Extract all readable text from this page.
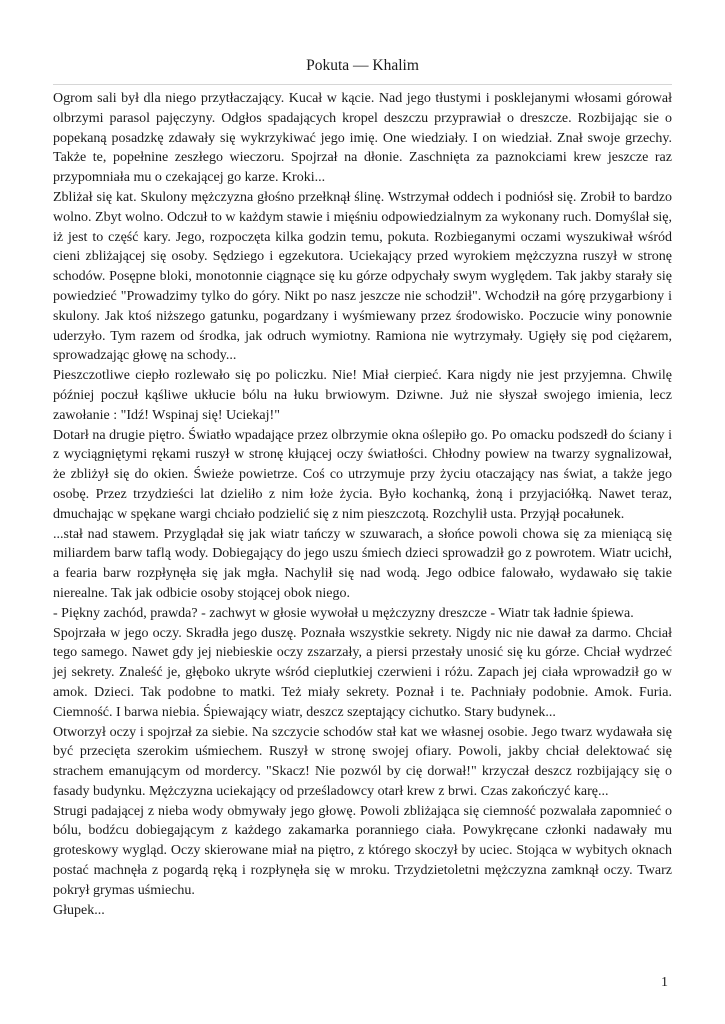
Pokuta — Khalim

Ogrom sali był dla niego przytłaczający. Kucał w kącie. Nad jego tłustymi i posklejanymi włosami górował olbrzymi parasol pajęczyny. Odgłos spadających kropel deszczu przyprawiał o dreszcze. Rozbijając sie o popekaną posadzkę zdawały się wykrzykiwać jego imię. One wiedziały. I on wiedział. Znał swoje grzechy. Także te, popełnine zeszłego wieczoru. Spojrzał na dłonie. Zaschnięta za paznokciami krew jeszcze raz przypomniała mu o czekającej go karze. Kroki...

Zbliżał się kat. Skulony mężczyzna głośno przełknął ślinę. Wstrzymał oddech i podniósł się. Zrobił to bardzo wolno. Zbyt wolno. Odczuł to w każdym stawie i mięśniu odpowiedzialnym za wykonany ruch. Domyślał się, iż jest to część kary. Jego, rozpoczęta kilka godzin temu, pokuta. Rozbieganymi oczami wyszukiwał wśród cieni zbliżającej się osoby. Sędziego i egzekutora. Uciekający przed wyrokiem mężczyzna ruszył w stronę schodów. Posępne bloki, monotonnie ciągnące się ku górze odpychały swym wyględem. Tak jakby starały się powiedzieć "Prowadzimy tylko do góry. Nikt po nasz jeszcze nie schodził". Wchodził na górę przygarbiony i skulony. Jak ktoś niższego gatunku, pogardzany i wyśmiewany przez środowisko. Poczucie winy ponownie uderzyło. Tym razem od środka, jak odruch wymiotny. Ramiona nie wytrzymały. Ugięły się pod ciężarem, sprowadzając głowę na schody...

Pieszczotliwe ciepło rozlewało się po policzku. Nie! Miał cierpieć. Kara nigdy nie jest przyjemna. Chwilę później poczuł kąśliwe ukłucie bólu na łuku brwiowym. Dziwne. Już nie słyszał swojego imienia, lecz zawołanie : "Idź! Wspinaj się! Uciekaj!"

Dotarł na drugie piętro. Światło wpadające przez olbrzymie okna oślepiło go. Po omacku podszedł do ściany i z wyciągniętymi rękami ruszył w stronę kłującej oczy światłości. Chłodny powiew na twarzy sygnalizował, że zbliżył się do okien. Świeże powietrze. Coś co utrzymuje przy życiu otaczający nas świat, a także jego osobę. Przez trzydzieści lat dzieliło z nim łoże życia. Było kochanką, żoną i przyjaciółką. Nawet teraz, dmuchając w spękane wargi chciało podzielić się z nim pieszczotą. Rozchylił usta. Przyjął pocałunek.

...stał nad stawem. Przyglądał się jak wiatr tańczy w szuwarach, a słońce powoli chowa się za mieniącą się miliardem barw taflą wody. Dobiegający do jego uszu śmiech dzieci sprowadził go z powrotem. Wiatr ucichł, a fearia barw rozpłynęła się jak mgła. Nachylił się nad wodą. Jego odbice falowało, wydawało się takie nierealne. Tak jak odbicie osoby stojącej obok niego.

- Piękny zachód, prawda? - zachwyt w głosie wywołał u mężczyzny dreszcze - Wiatr tak ładnie śpiewa.

Spojrzała w jego oczy. Skradła jego duszę. Poznała wszystkie sekrety. Nigdy nic nie dawał za darmo. Chciał tego samego. Nawet gdy jej niebieskie oczy zszarzały, a piersi przestały unosić się ku górze. Chciał wydrzeć jej sekrety. Znalеść je, głęboko ukryte wśród cieplutkiej czerwieni i różu. Zapach jej ciała wprowadził go w amok. Dzieci. Tak podobne to matki. Też miały sekrety. Poznał i te. Pachniały podobnie. Amok. Furia. Ciemność. I barwa niebia. Śpiewający wiatr, deszcz szeptający cichutko. Stary budynek...

Otworzył oczy i spojrzał za siebie. Na szczycie schodów stał kat we własnej osobie. Jego twarz wydawała się być przecięta szerokim uśmiechem. Ruszył w stronę swojej ofiary. Powoli, jakby chciał delektować się strachem emanującym od mordercy. "Skacz! Nie pozwól by cię dorwał!" krzyczał deszcz rozbijający się o fasady budynku. Mężczyzna uciekający od prześladowcy otarł krew z brwi. Czas zakończyć karę...

Strugi padającej z nieba wody obmywały jego głowę. Powoli zbliżająca się ciemność pozwalała zapomnieć o bólu, bodźcu dobiegającym z każdego zakamarka poranniego ciała. Powykręcane członki nadawały mu groteskowy wygląd. Oczy skierowane miał na piętro, z którego skoczył by uciec. Stojąca w wybitych oknach postać machnęła z pogardą ręką i rozpłynęła się w mroku. Trzydzietoletni mężczyzna zamknął oczy. Twarz pokrył grymas uśmiechu.

Głupek...

1
